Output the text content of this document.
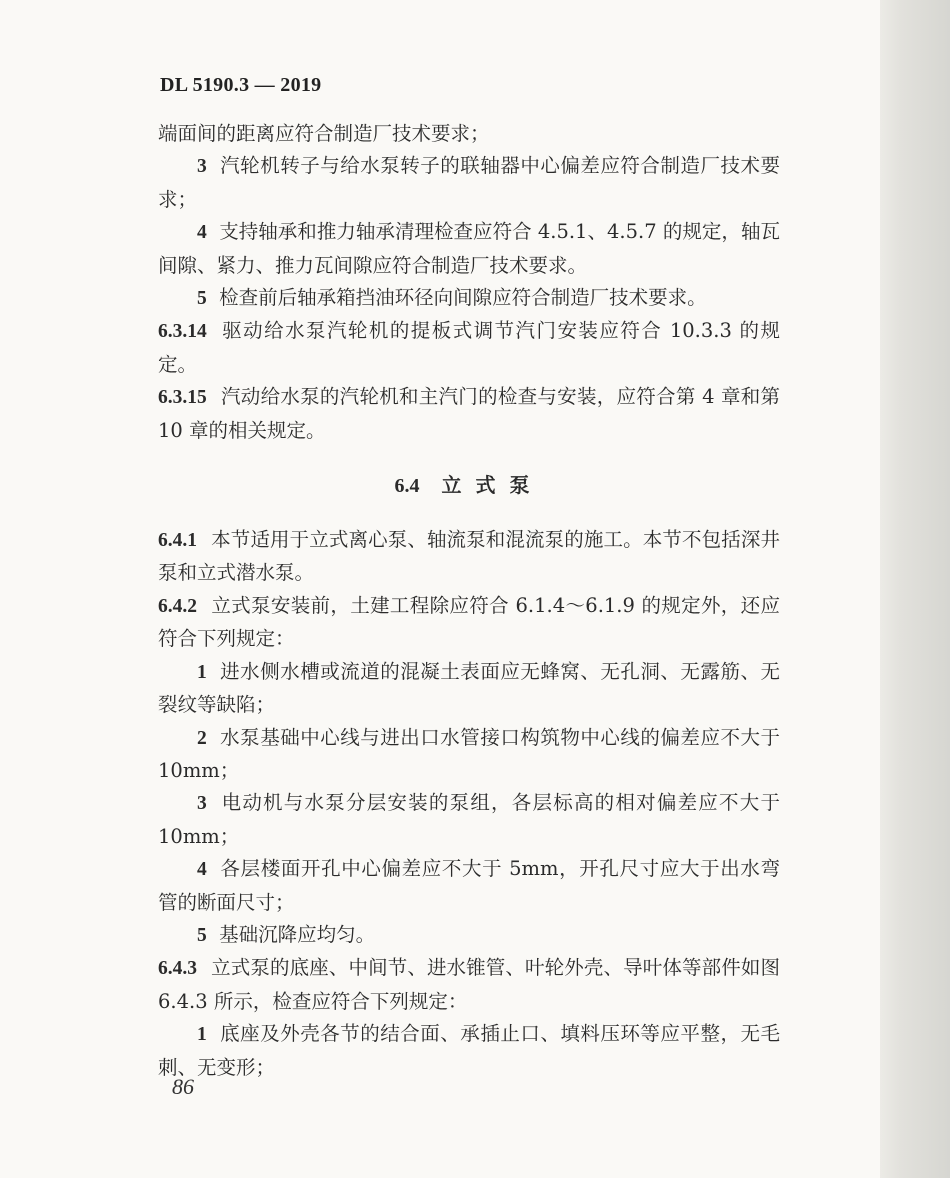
DL 5190.3 — 2019

端面间的距离应符合制造厂技术要求；

3 汽轮机转子与给水泵转子的联轴器中心偏差应符合制造厂技术要求；

4 支持轴承和推力轴承清理检查应符合 4.5.1、4.5.7 的规定，轴瓦间隙、紧力、推力瓦间隙应符合制造厂技术要求。

5 检查前后轴承箱挡油环径向间隙应符合制造厂技术要求。

6.3.14 驱动给水泵汽轮机的提板式调节汽门安装应符合 10.3.3 的规定。

6.3.15 汽动给水泵的汽轮机和主汽门的检查与安装，应符合第 4 章和第 10 章的相关规定。

6.4 立式泵

6.4.1 本节适用于立式离心泵、轴流泵和混流泵的施工。本节不包括深井泵和立式潜水泵。

6.4.2 立式泵安装前，土建工程除应符合 6.1.4～6.1.9 的规定外，还应符合下列规定：

1 进水侧水槽或流道的混凝土表面应无蜂窝、无孔洞、无露筋、无裂纹等缺陷；

2 水泵基础中心线与进出口水管接口构筑物中心线的偏差应不大于 10mm；

3 电动机与水泵分层安装的泵组，各层标高的相对偏差应不大于 10mm；

4 各层楼面开孔中心偏差应不大于 5mm，开孔尺寸应大于出水弯管的断面尺寸；

5 基础沉降应均匀。

6.4.3 立式泵的底座、中间节、进水锥管、叶轮外壳、导叶体等部件如图 6.4.3 所示，检查应符合下列规定：

1 底座及外壳各节的结合面、承插止口、填料压环等应平整，无毛刺、无变形；

86
